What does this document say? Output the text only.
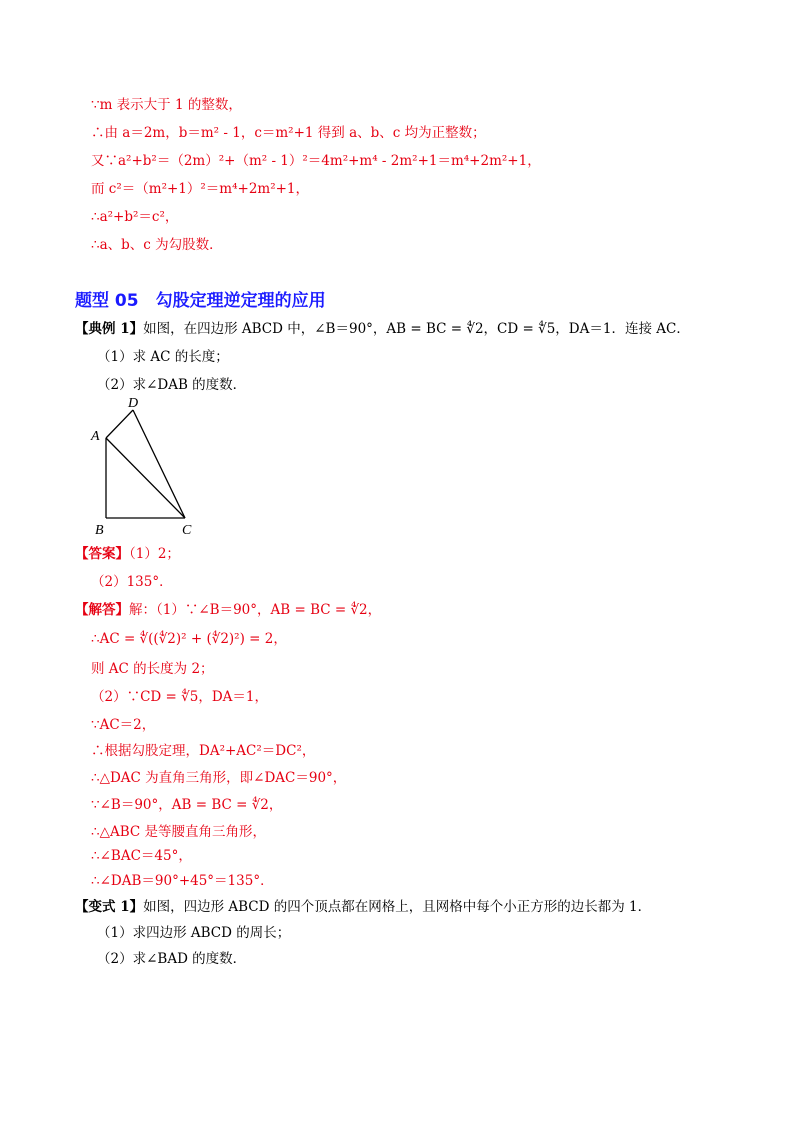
∵m 表示大于 1 的整数，
∴由 a＝2m，b＝m² - 1，c＝m²+1 得到 a、b、c 均为正整数；
又∵a²+b²＝（2m）²+（m² - 1）²＝4m²+m⁴ - 2m²+1＝m⁴+2m²+1，
而 c²＝（m²+1）²＝m⁴+2m²+1，
∴a²+b²＝c²，
∴a、b、c 为勾股数．
题型 05　勾股定理逆定理的应用
【典例 1】如图，在四边形 ABCD 中，∠B＝90°，AB = BC = ∜2，CD = ∜5，DA＝1．连接 AC．
（1）求 AC 的长度；
（2）求∠DAB 的度数．
D
A
B	C
【答案】（1）2；
（2）135°．
【解答】解：（1）∵∠B＝90°，AB = BC = ∜2，
∴AC = ∜((∜2)² + (∜2)²) = 2，
则 AC 的长度为 2；
（2）∵CD = ∜5，DA＝1，
∵AC＝2，
∴根据勾股定理，DA²+AC²＝DC²，
∴△DAC 为直角三角形，即∠DAC＝90°，
∵∠B＝90°，AB = BC = ∜2，
∴△ABC 是等腰直角三角形，
∴∠BAC＝45°，
∴∠DAB＝90°+45°＝135°．
【变式 1】如图，四边形 ABCD 的四个顶点都在网格上，且网格中每个小正方形的边长都为 1．
（1）求四边形 ABCD 的周长；
（2）求∠BAD 的度数．
